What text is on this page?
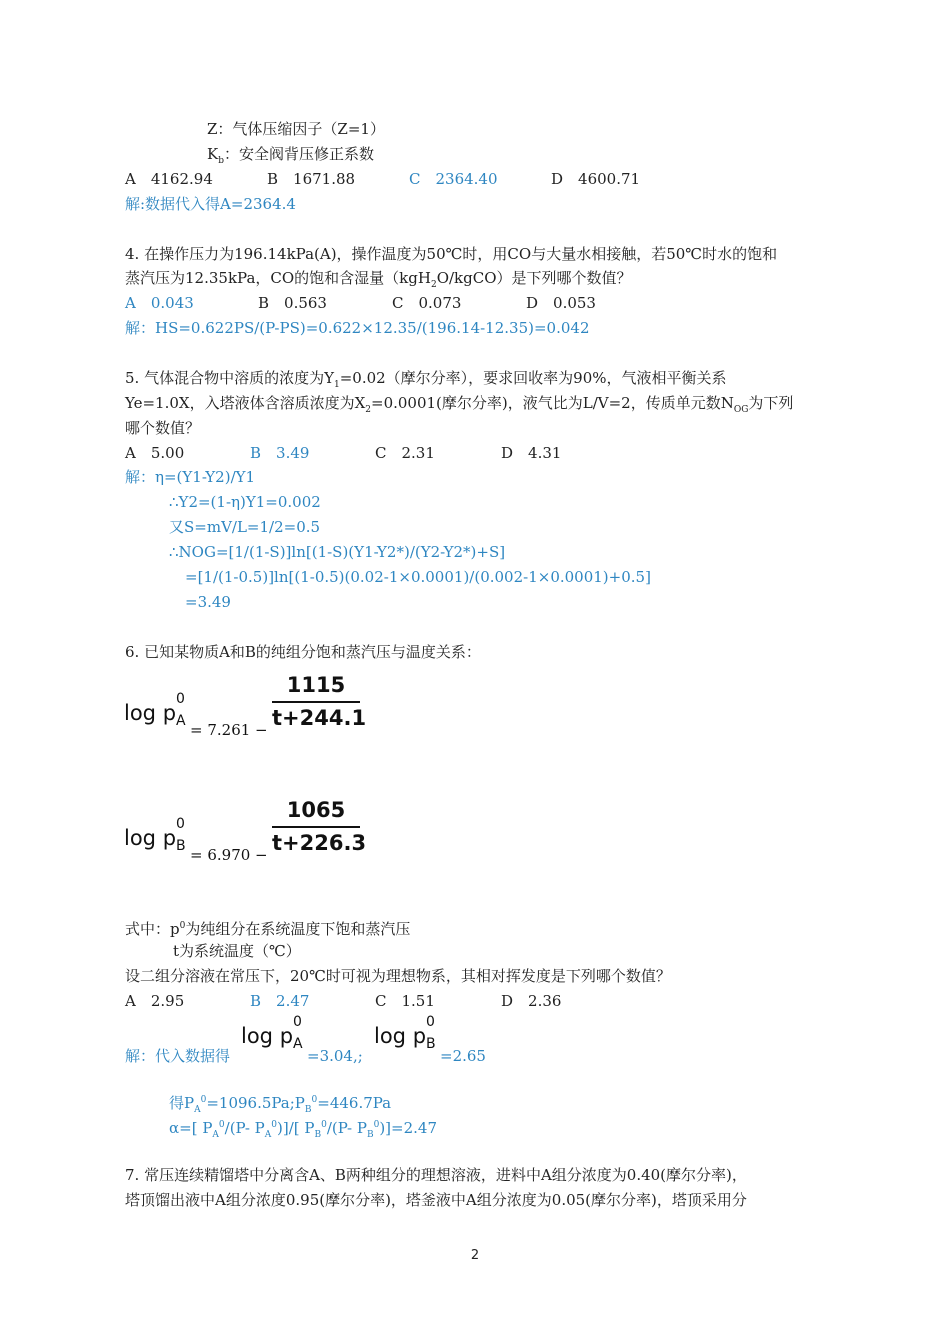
Z：气体压缩因子（Z=1）
$K_b$：安全阀背压修正系数
A　4162.94	B　1671.88	C　2364.40	D　4600.71
解:数据代入得A=2364.4
4. 在操作压力为196.14kPa(A)，操作温度为50℃时，用CO与大量水相接触，若50℃时水的饱和
蒸汽压为12.35kPa，CO的饱和含湿量（kgH$_2$O/kgCO）是下列哪个数值？
A　0.043	B　0.563	C　0.073	D　0.053
解：HS=0.622PS/(P-PS)=0.622×12.35/(196.14-12.35)=0.042
5. 气体混合物中溶质的浓度为$Y_1=0.02$（摩尔分率），要求回收率为90%，气液相平衡关系
Ye=1.0X，入塔液体含溶质浓度为$X_2=0.0001$(摩尔分率)，液气比为L/V=2，传质单元数$N_{OG}$为下列
哪个数值？
A　5.00	B　3.49	C　2.31	D　4.31
解：η=(Y1-Y2)/Y1
∴Y2=(1-η)Y1=0.002
又S=mV/L=1/2=0.5
∴NOG=[1/(1-S)]ln[(1-S)(Y1-Y2*)/(Y2-Y2*)+S]
=[1/(1-0.5)]ln[(1-0.5)(0.02-1×0.0001)/(0.002-1×0.0001)+0.5]
=3.49
6. 已知某物质A和B的纯组分饱和蒸汽压与温度关系：
log p
0
A = 7.261 −
1115
t+244.1
log p
0
B = 6.970 −
1065
t+226.3
式中：$p^0$为纯组分在系统温度下饱和蒸汽压
t为系统温度（℃）
设二组分溶液在常压下，20℃时可视为理想物系，其相对挥发度是下列哪个数值？
A　2.95	B　2.47	C　1.51	D　2.36
解：代入数据得
log p
0
A
=3.04,;
log p
0
B
=2.65
得$P_A^0=1096.5Pa;P_B^0=446.7Pa$
α=[ $P_A^0/(P-$ $P_A^0)]/$[ $P_B^0/(P-$ $P_B^0)]=2.47$
7. 常压连续精馏塔中分离含A、B两种组分的理想溶液，进料中A组分浓度为0.40(摩尔分率)，
塔顶馏出液中A组分浓度0.95(摩尔分率)，塔釜液中A组分浓度为0.05(摩尔分率)，塔顶采用分
2
